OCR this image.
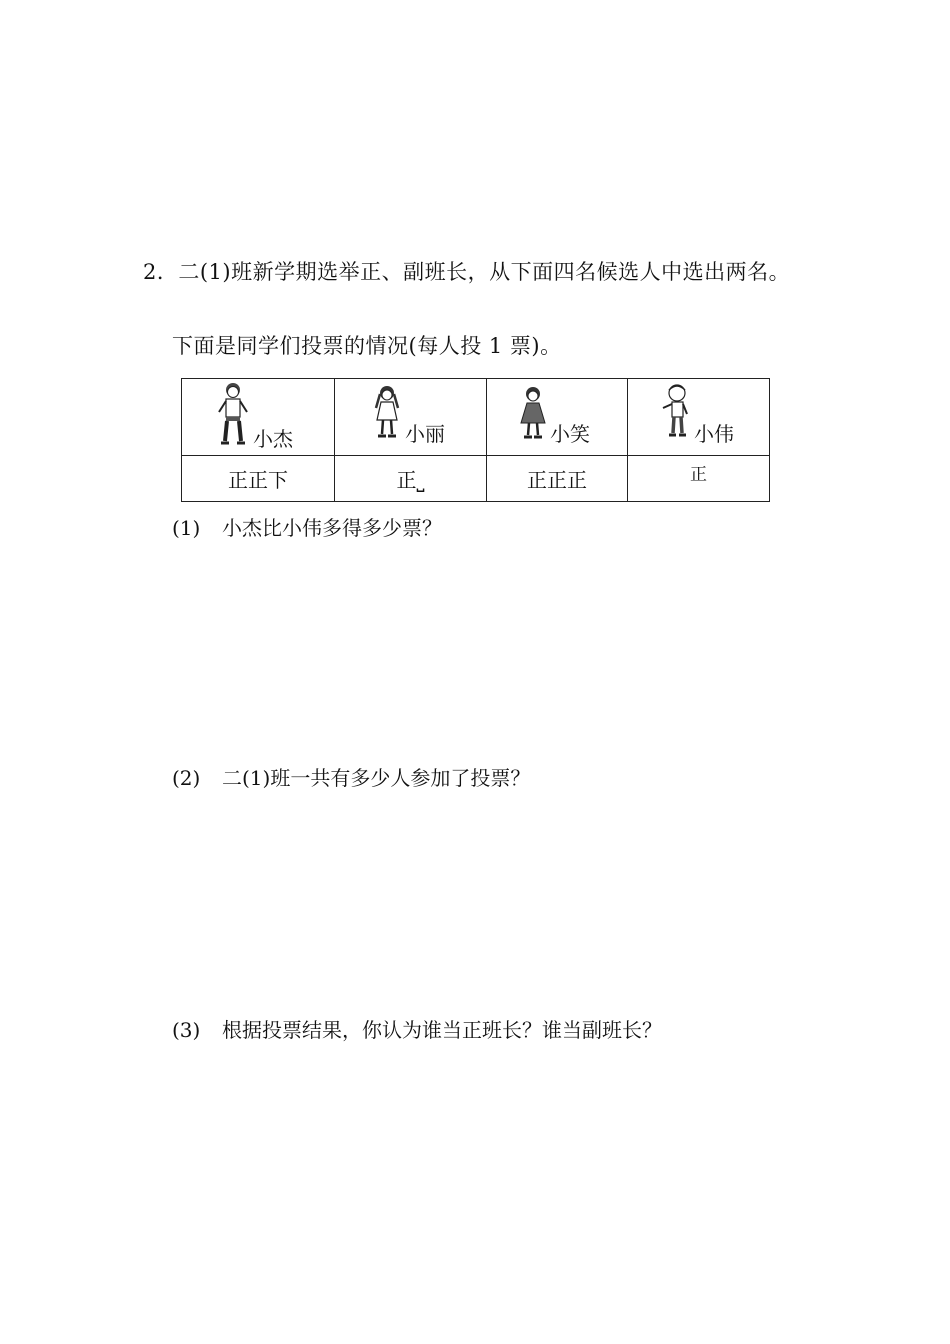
2．二(1)班新学期选举正、副班长，从下面四名候选人中选出两名。
下面是同学们投票的情况(每人投 1 票)。
小杰	小丽	小笑	小伟

正正下	正⎵	正正正	正
(1) 小杰比小伟多得多少票？
(2) 二(1)班一共有多少人参加了投票？
(3) 根据投票结果，你认为谁当正班长？谁当副班长？
